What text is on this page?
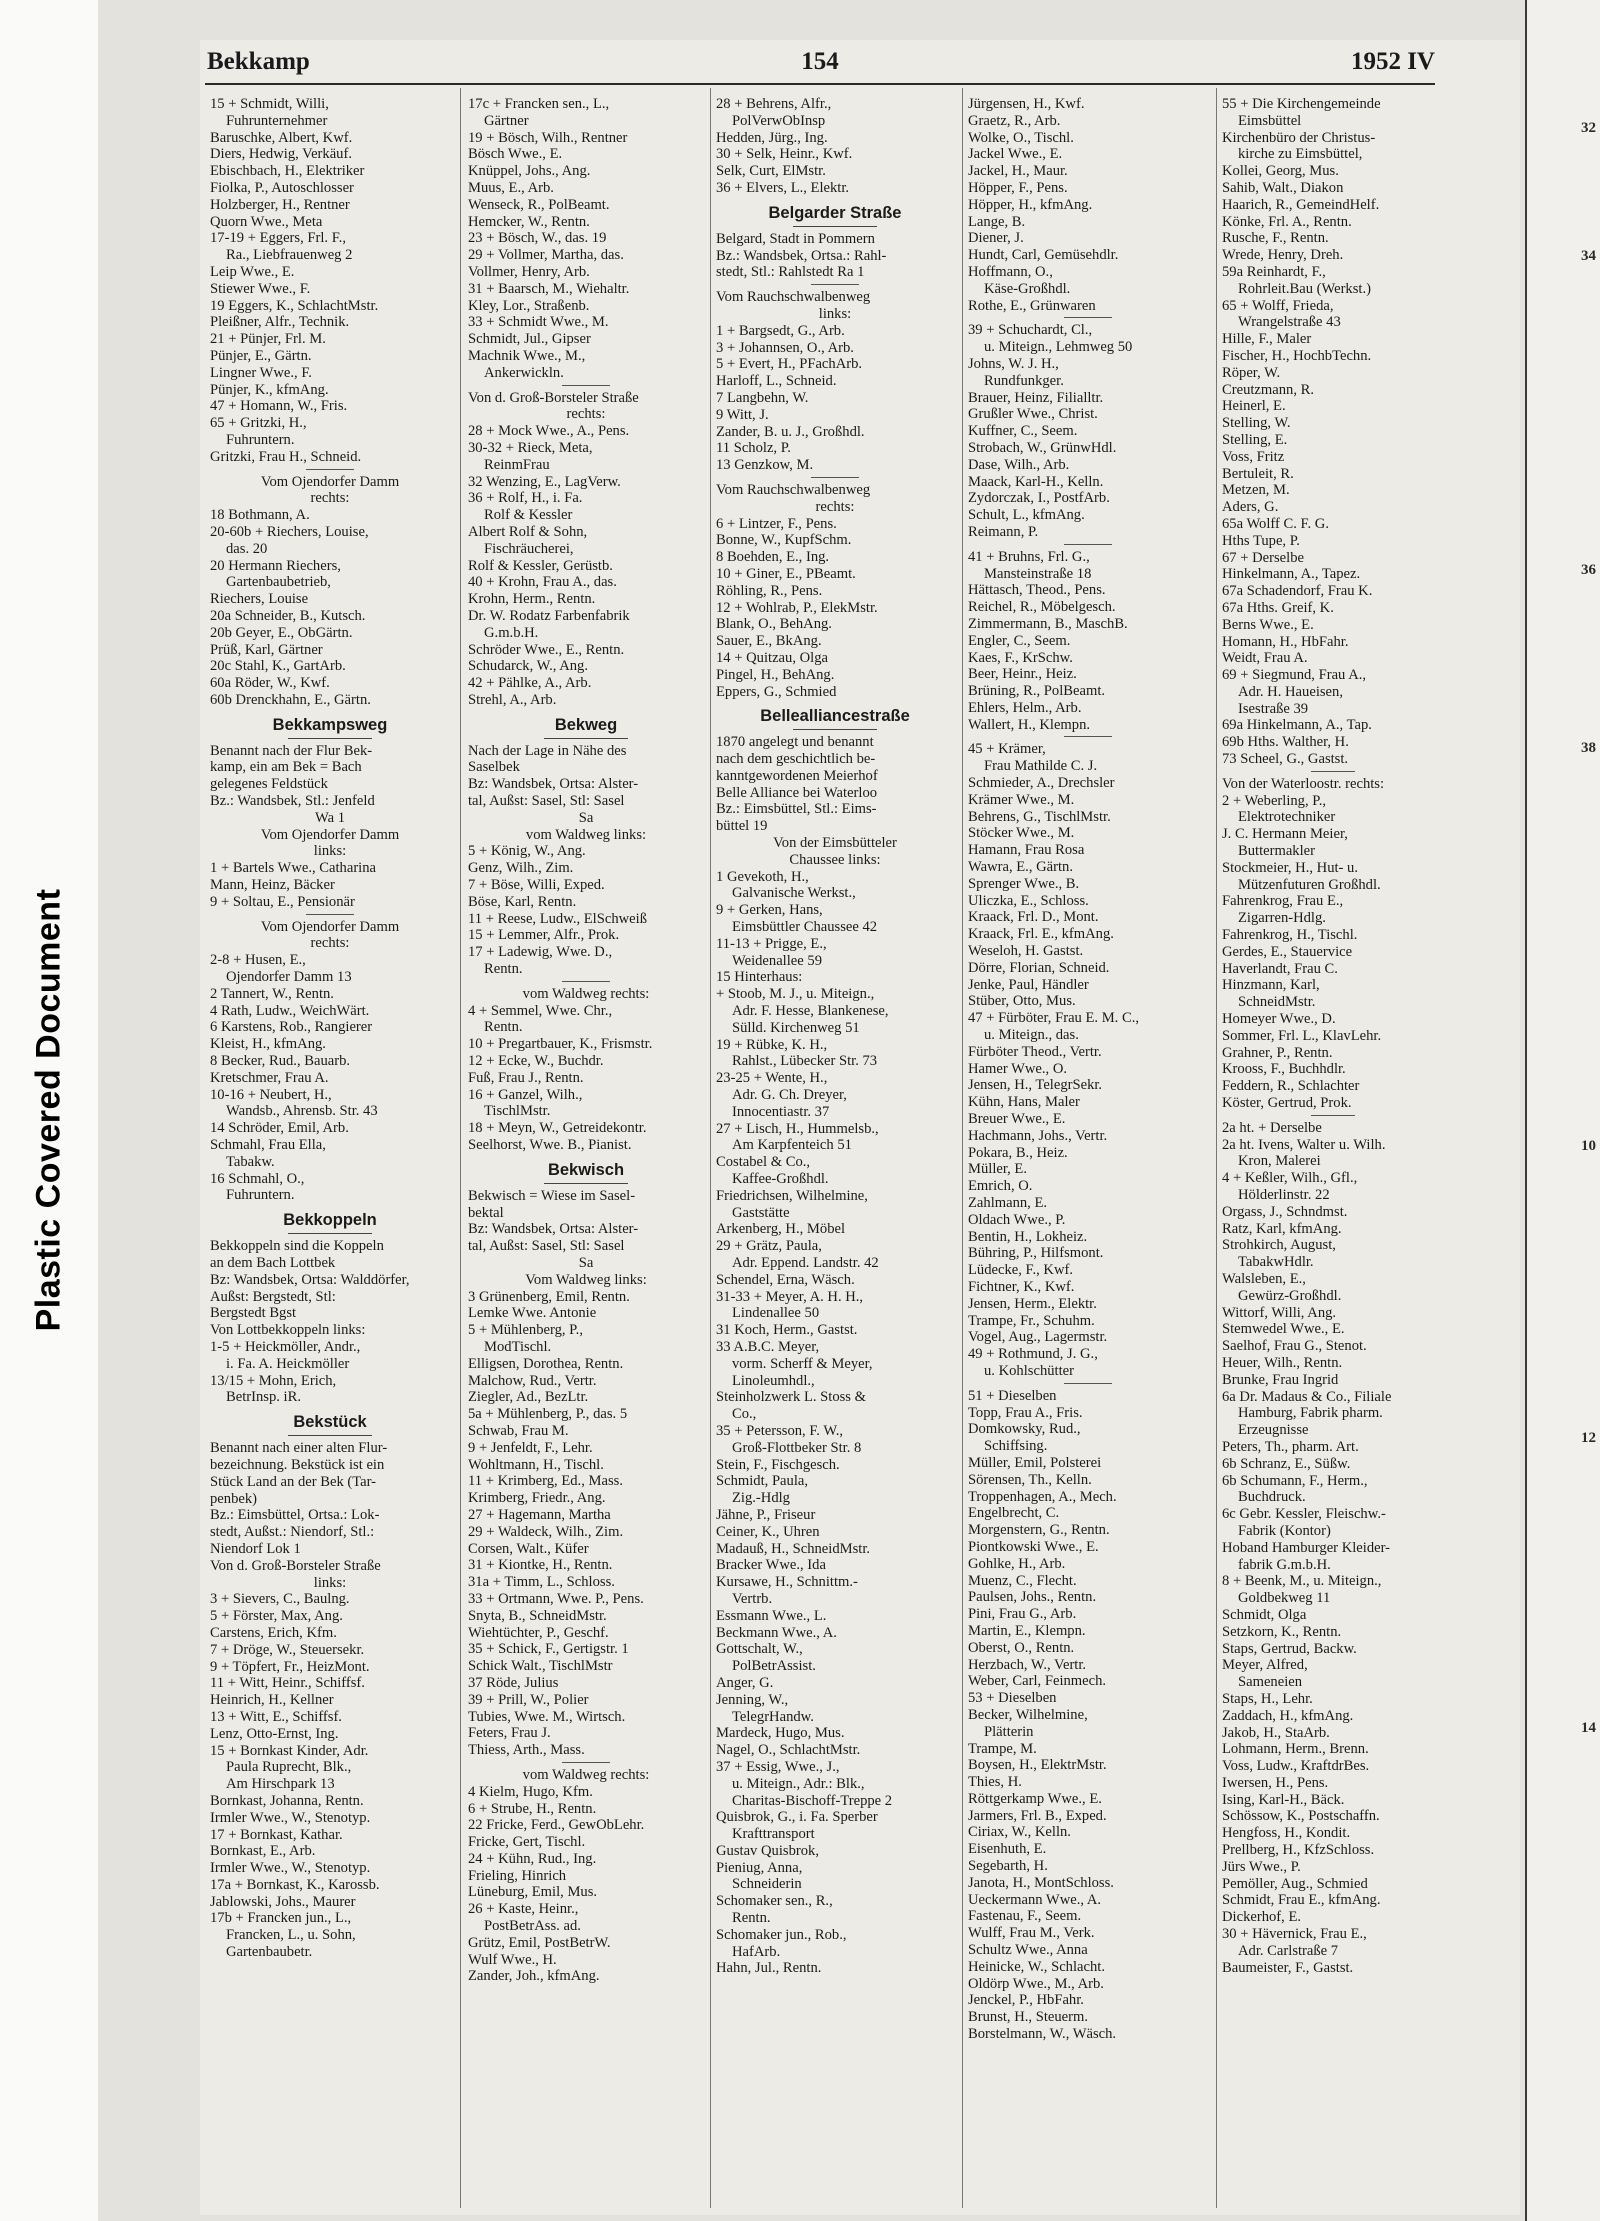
Plastic Covered Document
32
34
36
38
10
12
14
Bekkamp	154	1952 IV
15 + Schmidt, Willi,
Fuhrunternehmer
Baruschke, Albert, Kwf.
Diers, Hedwig, Verkäuf.
Ebischbach, H., Elektriker
Fiolka, P., Autoschlosser
Holzberger, H., Rentner
Quorn Wwe., Meta
17-19 + Eggers, Frl. F.,
Ra., Liebfrauenweg 2
Leip Wwe., E.
Stiewer Wwe., F.
19 Eggers, K., SchlachtMstr.
Pleißner, Alfr., Technik.
21 + Pünjer, Frl. M.
Pünjer, E., Gärtn.
Lingner Wwe., F.
Pünjer, K., kfmAng.
47 + Homann, W., Fris.
65 + Gritzki, H.,
Fuhruntern.
Gritzki, Frau H., Schneid.
Vom Ojendorfer Damm
rechts:
18 Bothmann, A.
20-60b + Riechers, Louise,
das. 20
20 Hermann Riechers,
Gartenbaubetrieb,
Riechers, Louise
20a Schneider, B., Kutsch.
20b Geyer, E., ObGärtn.
Prüß, Karl, Gärtner
20c Stahl, K., GartArb.
60a Röder, W., Kwf.
60b Drenckhahn, E., Gärtn.
Bekkampsweg
Benannt nach der Flur Bek-
kamp, ein am Bek = Bach
gelegenes Feldstück
Bz.: Wandsbek, Stl.: Jenfeld
Wa 1
Vom Ojendorfer Damm
links:
1 + Bartels Wwe., Catharina
Mann, Heinz, Bäcker
9 + Soltau, E., Pensionär
Vom Ojendorfer Damm
rechts:
2-8 + Husen, E.,
Ojendorfer Damm 13
2 Tannert, W., Rentn.
4 Rath, Ludw., WeichWärt.
6 Karstens, Rob., Rangierer
Kleist, H., kfmAng.
8 Becker, Rud., Bauarb.
Kretschmer, Frau A.
10-16 + Neubert, H.,
Wandsb., Ahrensb. Str. 43
14 Schröder, Emil, Arb.
Schmahl, Frau Ella,
Tabakw.
16 Schmahl, O.,
Fuhruntern.
Bekkoppeln
Bekkoppeln sind die Koppeln
an dem Bach Lottbek
Bz: Wandsbek, Ortsa: Walddörfer,
Außst: Bergstedt, Stl:
Bergstedt Bgst
Von Lottbekkoppeln links:
1-5 + Heickmöller, Andr.,
i. Fa. A. Heickmöller
13/15 + Mohn, Erich,
BetrInsp. iR.
Bekstück
Benannt nach einer alten Flur-
bezeichnung. Bekstück ist ein
Stück Land an der Bek (Tar-
penbek)
Bz.: Eimsbüttel, Ortsa.: Lok-
stedt, Außst.: Niendorf, Stl.:
Niendorf Lok 1
Von d. Groß-Borsteler Straße
links:
3 + Sievers, C., Baulng.
5 + Förster, Max, Ang.
Carstens, Erich, Kfm.
7 + Dröge, W., Steuersekr.
9 + Töpfert, Fr., HeizMont.
11 + Witt, Heinr., Schiffsf.
Heinrich, H., Kellner
13 + Witt, E., Schiffsf.
Lenz, Otto-Ernst, Ing.
15 + Bornkast Kinder, Adr.
Paula Ruprecht, Blk.,
Am Hirschpark 13
Bornkast, Johanna, Rentn.
Irmler Wwe., W., Stenotyp.
17 + Bornkast, Kathar.
Bornkast, E., Arb.
Irmler Wwe., W., Stenotyp.
17a + Bornkast, K., Karossb.
Jablowski, Johs., Maurer
17b + Francken jun., L.,
Francken, L., u. Sohn,
Gartenbaubetr.
17c + Francken sen., L.,
Gärtner
19 + Bösch, Wilh., Rentner
Bösch Wwe., E.
Knüppel, Johs., Ang.
Muus, E., Arb.
Wenseck, R., PolBeamt.
Hemcker, W., Rentn.
23 + Bösch, W., das. 19
29 + Vollmer, Martha, das.
Vollmer, Henry, Arb.
31 + Baarsch, M., Wiehaltr.
Kley, Lor., Straßenb.
33 + Schmidt Wwe., M.
Schmidt, Jul., Gipser
Machnik Wwe., M.,
Ankerwickln.
Von d. Groß-Borsteler Straße
rechts:
28 + Mock Wwe., A., Pens.
30-32 + Rieck, Meta,
ReinmFrau
32 Wenzing, E., LagVerw.
36 + Rolf, H., i. Fa.
Rolf & Kessler
Albert Rolf & Sohn,
Fischräucherei,
Rolf & Kessler, Gerüstb.
40 + Krohn, Frau A., das.
Krohn, Herm., Rentn.
Dr. W. Rodatz Farbenfabrik
G.m.b.H.
Schröder Wwe., E., Rentn.
Schudarck, W., Ang.
42 + Pählke, A., Arb.
Strehl, A., Arb.
Bekweg
Nach der Lage in Nähe des
Saselbek
Bz: Wandsbek, Ortsa: Alster-
tal, Außst: Sasel, Stl: Sasel
Sa
vom Waldweg links:
5 + König, W., Ang.
Genz, Wilh., Zim.
7 + Böse, Willi, Exped.
Böse, Karl, Rentn.
11 + Reese, Ludw., ElSchweiß
15 + Lemmer, Alfr., Prok.
17 + Ladewig, Wwe. D.,
Rentn.
vom Waldweg rechts:
4 + Semmel, Wwe. Chr.,
Rentn.
10 + Pregartbauer, K., Frismstr.
12 + Ecke, W., Buchdr.
Fuß, Frau J., Rentn.
16 + Ganzel, Wilh.,
TischlMstr.
18 + Meyn, W., Getreidekontr.
Seelhorst, Wwe. B., Pianist.
Bekwisch
Bekwisch = Wiese im Sasel-
bektal
Bz: Wandsbek, Ortsa: Alster-
tal, Außst: Sasel, Stl: Sasel
Sa
Vom Waldweg links:
3 Grünenberg, Emil, Rentn.
Lemke Wwe. Antonie
5 + Mühlenberg, P.,
ModTischl.
Elligsen, Dorothea, Rentn.
Malchow, Rud., Vertr.
Ziegler, Ad., BezLtr.
5a + Mühlenberg, P., das. 5
Schwab, Frau M.
9 + Jenfeldt, F., Lehr.
Wohltmann, H., Tischl.
11 + Krimberg, Ed., Mass.
Krimberg, Friedr., Ang.
27 + Hagemann, Martha
29 + Waldeck, Wilh., Zim.
Corsen, Walt., Küfer
31 + Kiontke, H., Rentn.
31a + Timm, L., Schloss.
33 + Ortmann, Wwe. P., Pens.
Snyta, B., SchneidMstr.
Wiehtüchter, P., Geschf.
35 + Schick, F., Gertigstr. 1
Schick Walt., TischlMstr
37 Röde, Julius
39 + Prill, W., Polier
Tubies, Wwe. M., Wirtsch.
Feters, Frau J.
Thiess, Arth., Mass.
vom Waldweg rechts:
4 Kielm, Hugo, Kfm.
6 + Strube, H., Rentn.
22 Fricke, Ferd., GewObLehr.
Fricke, Gert, Tischl.
24 + Kühn, Rud., Ing.
Frieling, Hinrich
Lüneburg, Emil, Mus.
26 + Kaste, Heinr.,
PostBetrAss. ad.
Grütz, Emil, PostBetrW.
Wulf Wwe., H.
Zander, Joh., kfmAng.
28 + Behrens, Alfr.,
PolVerwObInsp
Hedden, Jürg., Ing.
30 + Selk, Heinr., Kwf.
Selk, Curt, ElMstr.
36 + Elvers, L., Elektr.
Belgarder Straße
Belgard, Stadt in Pommern
Bz.: Wandsbek, Ortsa.: Rahl-
stedt, Stl.: Rahlstedt Ra 1
Vom Rauchschwalbenweg
links:
1 + Bargsedt, G., Arb.
3 + Johannsen, O., Arb.
5 + Evert, H., PFachArb.
Harloff, L., Schneid.
7 Langbehn, W.
9 Witt, J.
Zander, B. u. J., Großhdl.
11 Scholz, P.
13 Genzkow, M.
Vom Rauchschwalbenweg
rechts:
6 + Lintzer, F., Pens.
Bonne, W., KupfSchm.
8 Boehden, E., Ing.
10 + Giner, E., PBeamt.
Röhling, R., Pens.
12 + Wohlrab, P., ElekMstr.
Blank, O., BehAng.
Sauer, E., BkAng.
14 + Quitzau, Olga
Pingel, H., BehAng.
Eppers, G., Schmied
Bellealliancestraße
1870 angelegt und benannt
nach dem geschichtlich be-
kanntgewordenen Meierhof
Belle Alliance bei Waterloo
Bz.: Eimsbüttel, Stl.: Eims-
büttel 19
Von der Eimsbütteler
Chaussee links:
1 Gevekoth, H.,
Galvanische Werkst.,
9 + Gerken, Hans,
Eimsbüttler Chaussee 42
11-13 + Prigge, E.,
Weidenallee 59
15 Hinterhaus:
+ Stoob, M. J., u. Miteign.,
Adr. F. Hesse, Blankenese,
Sülld. Kirchenweg 51
19 + Rübke, K. H.,
Rahlst., Lübecker Str. 73
23-25 + Wente, H.,
Adr. G. Ch. Dreyer,
Innocentiastr. 37
27 + Lisch, H., Hummelsb.,
Am Karpfenteich 51
Costabel & Co.,
Kaffee-Großhdl.
Friedrichsen, Wilhelmine,
Gaststätte
Arkenberg, H., Möbel
29 + Grätz, Paula,
Adr. Eppend. Landstr. 42
Schendel, Erna, Wäsch.
31-33 + Meyer, A. H. H.,
Lindenallee 50
31 Koch, Herm., Gastst.
33 A.B.C. Meyer,
vorm. Scherff & Meyer,
Linoleumhdl.,
Steinholzwerk L. Stoss &
Co.,
35 + Petersson, F. W.,
Groß-Flottbeker Str. 8
Stein, F., Fischgesch.
Schmidt, Paula,
Zig.-Hdlg
Jähne, P., Friseur
Ceiner, K., Uhren
Madauß, H., SchneidMstr.
Bracker Wwe., Ida
Kursawe, H., Schnittm.-
Vertrb.
Essmann Wwe., L.
Beckmann Wwe., A.
Gottschalt, W.,
PolBetrAssist.
Anger, G.
Jenning, W.,
TelegrHandw.
Mardeck, Hugo, Mus.
Nagel, O., SchlachtMstr.
37 + Essig, Wwe., J.,
u. Miteign., Adr.: Blk.,
Charitas-Bischoff-Treppe 2
Quisbrok, G., i. Fa. Sperber
Krafttransport
Gustav Quisbrok,
Pieniug, Anna,
Schneiderin
Schomaker sen., R.,
Rentn.
Schomaker jun., Rob.,
HafArb.
Hahn, Jul., Rentn.
Jürgensen, H., Kwf.
Graetz, R., Arb.
Wolke, O., Tischl.
Jackel Wwe., E.
Jackel, H., Maur.
Höpper, F., Pens.
Höpper, H., kfmAng.
Lange, B.
Diener, J.
Hundt, Carl, Gemüsehdlr.
Hoffmann, O.,
Käse-Großhdl.
Rothe, E., Grünwaren
39 + Schuchardt, Cl.,
u. Miteign., Lehmweg 50
Johns, W. J. H.,
Rundfunkger.
Brauer, Heinz, Filialltr.
Grußler Wwe., Christ.
Kuffner, C., Seem.
Strobach, W., GrünwHdl.
Dase, Wilh., Arb.
Maack, Karl-H., Kelln.
Zydorczak, I., PostfArb.
Schult, L., kfmAng.
Reimann, P.
41 + Bruhns, Frl. G.,
Mansteinstraße 18
Hättasch, Theod., Pens.
Reichel, R., Möbelgesch.
Zimmermann, B., MaschB.
Engler, C., Seem.
Kaes, F., KrSchw.
Beer, Heinr., Heiz.
Brüning, R., PolBeamt.
Ehlers, Helm., Arb.
Wallert, H., Klempn.
45 + Krämer,
Frau Mathilde C. J.
Schmieder, A., Drechsler
Krämer Wwe., M.
Behrens, G., TischlMstr.
Stöcker Wwe., M.
Hamann, Frau Rosa
Wawra, E., Gärtn.
Sprenger Wwe., B.
Uliczka, E., Schloss.
Kraack, Frl. D., Mont.
Kraack, Frl. E., kfmAng.
Weseloh, H. Gastst.
Dörre, Florian, Schneid.
Jenke, Paul, Händler
Stüber, Otto, Mus.
47 + Fürböter, Frau E. M. C.,
u. Miteign., das.
Fürböter Theod., Vertr.
Hamer Wwe., O.
Jensen, H., TelegrSekr.
Kühn, Hans, Maler
Breuer Wwe., E.
Hachmann, Johs., Vertr.
Pokara, B., Heiz.
Müller, E.
Emrich, O.
Zahlmann, E.
Oldach Wwe., P.
Bentin, H., Lokheiz.
Bühring, P., Hilfsmont.
Lüdecke, F., Kwf.
Fichtner, K., Kwf.
Jensen, Herm., Elektr.
Trampe, Fr., Schuhm.
Vogel, Aug., Lagermstr.
49 + Rothmund, J. G.,
u. Kohlschütter
51 + Dieselben
Topp, Frau A., Fris.
Domkowsky, Rud.,
Schiffsing.
Müller, Emil, Polsterei
Sörensen, Th., Kelln.
Troppenhagen, A., Mech.
Engelbrecht, C.
Morgenstern, G., Rentn.
Piontkowski Wwe., E.
Gohlke, H., Arb.
Muenz, C., Flecht.
Paulsen, Johs., Rentn.
Pini, Frau G., Arb.
Martin, E., Klempn.
Oberst, O., Rentn.
Herzbach, W., Vertr.
Weber, Carl, Feinmech.
53 + Dieselben
Becker, Wilhelmine,
Plätterin
Trampe, M.
Boysen, H., ElektrMstr.
Thies, H.
Röttgerkamp Wwe., E.
Jarmers, Frl. B., Exped.
Ciriax, W., Kelln.
Eisenhuth, E.
Segebarth, H.
Janota, H., MontSchloss.
Ueckermann Wwe., A.
Fastenau, F., Seem.
Wulff, Frau M., Verk.
Schultz Wwe., Anna
Heinicke, W., Schlacht.
Oldörp Wwe., M., Arb.
Jenckel, P., HbFahr.
Brunst, H., Steuerm.
Borstelmann, W., Wäsch.
55 + Die Kirchengemeinde
Eimsbüttel
Kirchenbüro der Christus-
kirche zu Eimsbüttel,
Kollei, Georg, Mus.
Sahib, Walt., Diakon
Haarich, R., GemeindHelf.
Könke, Frl. A., Rentn.
Rusche, F., Rentn.
Wrede, Henry, Dreh.
59a Reinhardt, F.,
Rohrleit.Bau (Werkst.)
65 + Wolff, Frieda,
Wrangelstraße 43
Hille, F., Maler
Fischer, H., HochbTechn.
Röper, W.
Creutzmann, R.
Heinerl, E.
Stelling, W.
Stelling, E.
Voss, Fritz
Bertuleit, R.
Metzen, M.
Aders, G.
65a Wolff C. F. G.
Hths Tupe, P.
67 + Derselbe
Hinkelmann, A., Tapez.
67a Schadendorf, Frau K.
67a Hths. Greif, K.
Berns Wwe., E.
Homann, H., HbFahr.
Weidt, Frau A.
69 + Siegmund, Frau A.,
Adr. H. Haueisen,
Isestraße 39
69a Hinkelmann, A., Tap.
69b Hths. Walther, H.
73 Scheel, G., Gastst.
Von der Waterloostr. rechts:
2 + Weberling, P.,
Elektrotechniker
J. C. Hermann Meier,
Buttermakler
Stockmeier, H., Hut- u.
Mützenfuturen Großhdl.
Fahrenkrog, Frau E.,
Zigarren-Hdlg.
Fahrenkrog, H., Tischl.
Gerdes, E., Stauervice
Haverlandt, Frau C.
Hinzmann, Karl,
SchneidMstr.
Homeyer Wwe., D.
Sommer, Frl. L., KlavLehr.
Grahner, P., Rentn.
Krooss, F., Buchhdlr.
Feddern, R., Schlachter
Köster, Gertrud, Prok.
2a ht. + Derselbe
2a ht. Ivens, Walter u. Wilh.
Kron, Malerei
4 + Keßler, Wilh., Gfl.,
Hölderlinstr. 22
Orgass, J., Schndmst.
Ratz, Karl, kfmAng.
Strohkirch, August,
TabakwHdlr.
Walsleben, E.,
Gewürz-Großhdl.
Wittorf, Willi, Ang.
Stemwedel Wwe., E.
Saelhof, Frau G., Stenot.
Heuer, Wilh., Rentn.
Brunke, Frau Ingrid
6a Dr. Madaus & Co., Filiale
Hamburg, Fabrik pharm.
Erzeugnisse
Peters, Th., pharm. Art.
6b Schranz, E., Süßw.
6b Schumann, F., Herm.,
Buchdruck.
6c Gebr. Kessler, Fleischw.-
Fabrik (Kontor)
Hoband Hamburger Kleider-
fabrik G.m.b.H.
8 + Beenk, M., u. Miteign.,
Goldbekweg 11
Schmidt, Olga
Setzkorn, K., Rentn.
Staps, Gertrud, Backw.
Meyer, Alfred,
Sameneien
Staps, H., Lehr.
Zaddach, H., kfmAng.
Jakob, H., StaArb.
Lohmann, Herm., Brenn.
Voss, Ludw., KraftdrBes.
Iwersen, H., Pens.
Ising, Karl-H., Bäck.
Schössow, K., Postschaffn.
Hengfoss, H., Kondit.
Prellberg, H., KfzSchloss.
Jürs Wwe., P.
Pemöller, Aug., Schmied
Schmidt, Frau E., kfmAng.
Dickerhof, E.
30 + Hävernick, Frau E.,
Adr. Carlstraße 7
Baumeister, F., Gastst.
